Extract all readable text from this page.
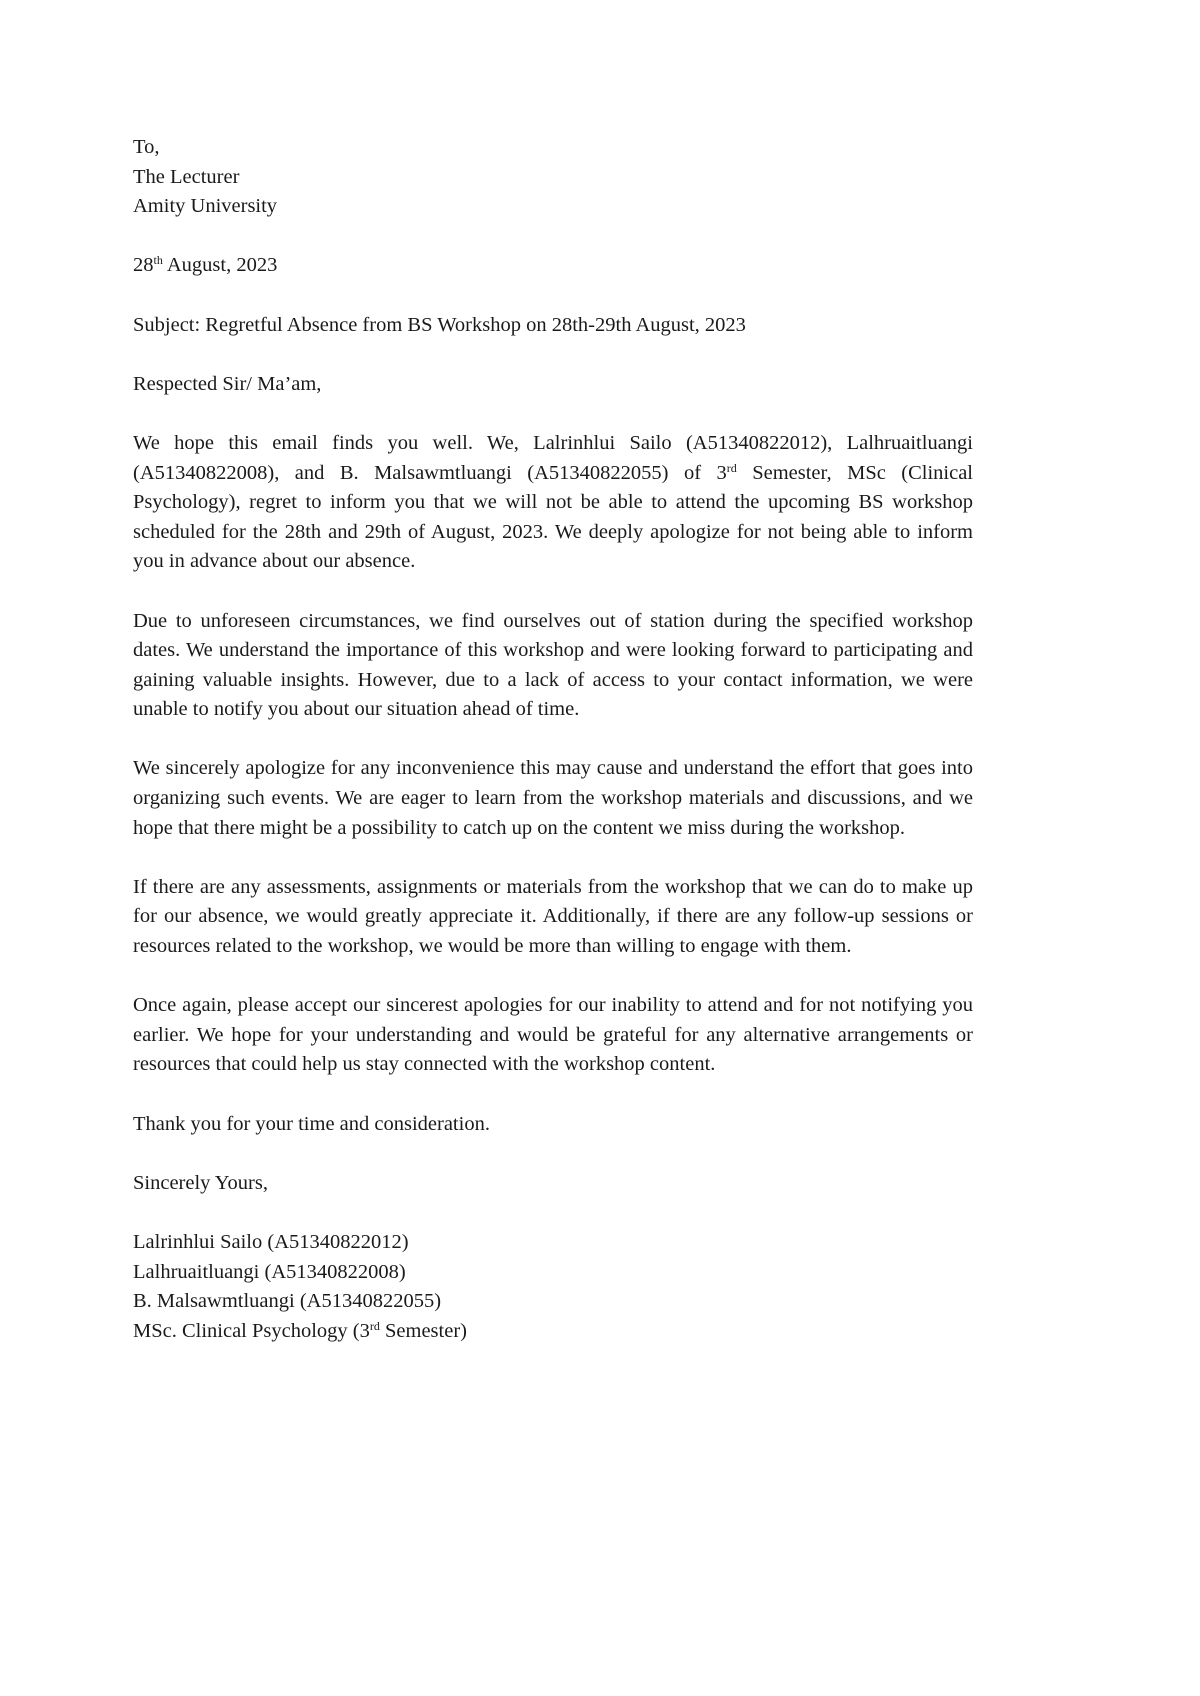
To,
The Lecturer
Amity University
28th August, 2023
Subject: Regretful Absence from BS Workshop on 28th-29th August, 2023
Respected Sir/ Ma’am,

We hope this email finds you well. We, Lalrinhlui Sailo (A51340822012), Lalhruaitluangi (A51340822008), and B. Malsawmtluangi (A51340822055) of 3rd Semester, MSc (Clinical Psychology), regret to inform you that we will not be able to attend the upcoming BS workshop scheduled for the 28th and 29th of August, 2023. We deeply apologize for not being able to inform you in advance about our absence.

Due to unforeseen circumstances, we find ourselves out of station during the specified workshop dates. We understand the importance of this workshop and were looking forward to participating and gaining valuable insights. However, due to a lack of access to your contact information, we were unable to notify you about our situation ahead of time.

We sincerely apologize for any inconvenience this may cause and understand the effort that goes into organizing such events. We are eager to learn from the workshop materials and discussions, and we hope that there might be a possibility to catch up on the content we miss during the workshop.

If there are any assessments, assignments or materials from the workshop that we can do to make up for our absence, we would greatly appreciate it. Additionally, if there are any follow-up sessions or resources related to the workshop, we would be more than willing to engage with them.

Once again, please accept our sincerest apologies for our inability to attend and for not notifying you earlier. We hope for your understanding and would be grateful for any alternative arrangements or resources that could help us stay connected with the workshop content.

Thank you for your time and consideration.
Sincerely Yours,
Lalrinhlui Sailo (A51340822012)
Lalhruaitluangi (A51340822008)
B. Malsawmtluangi (A51340822055)
MSc. Clinical Psychology (3rd Semester)
